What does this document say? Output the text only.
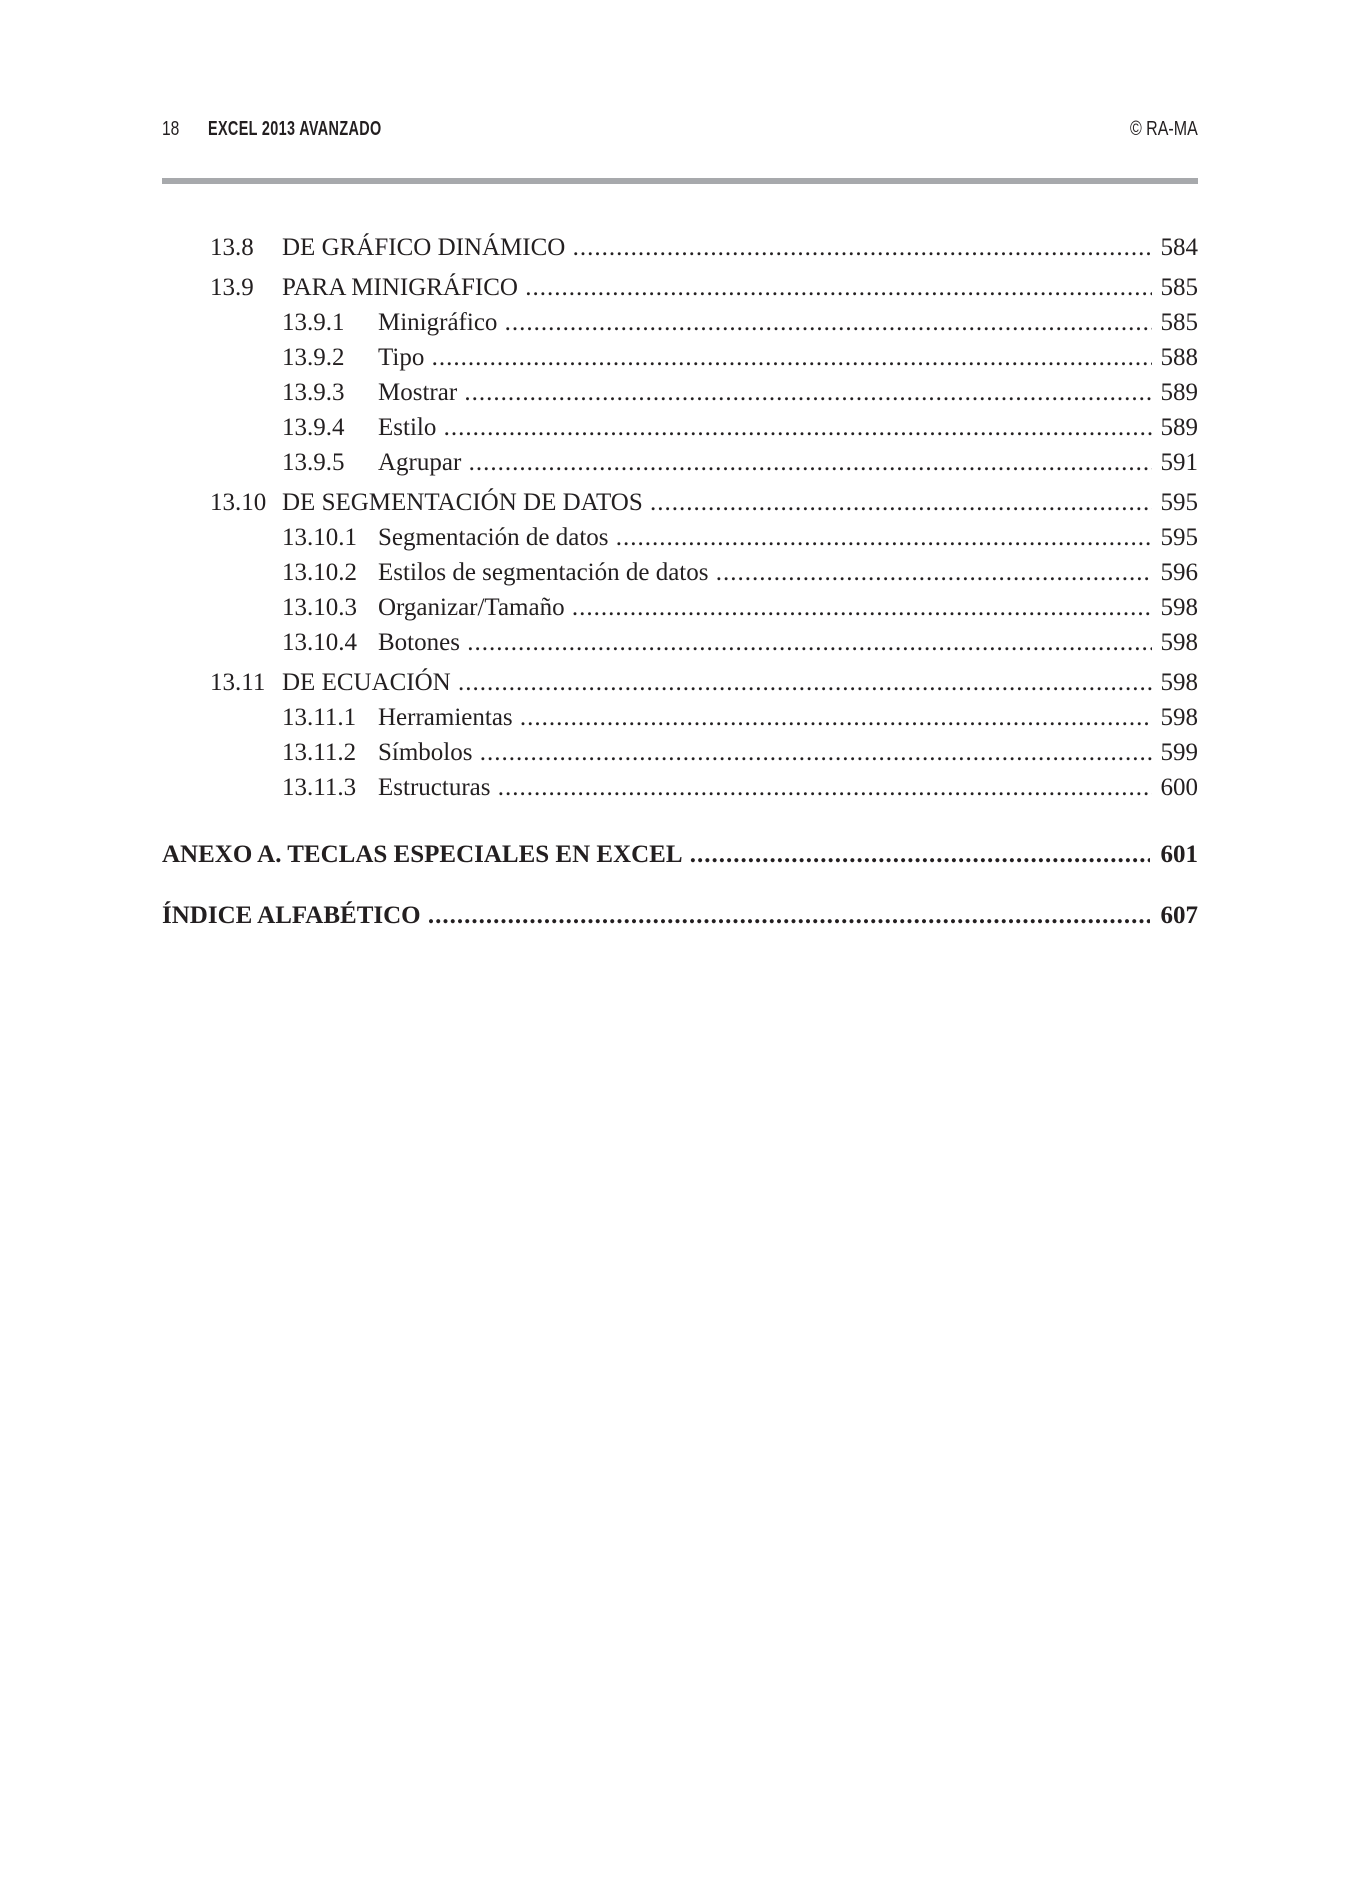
18 EXCEL 2013 AVANZADO	© RA-MA
13.8 DE GRÁFICO DINÁMICO .....	584
13.9 PARA MINIGRÁFICO .....	585
13.9.1 Minigráfico .....	585
13.9.2 Tipo .....	588
13.9.3 Mostrar .....	589
13.9.4 Estilo .....	589
13.9.5 Agrupar .....	591
13.10 DE SEGMENTACIÓN DE DATOS .....	595
13.10.1 Segmentación de datos .....	595
13.10.2 Estilos de segmentación de datos .....	596
13.10.3 Organizar/Tamaño .....	598
13.10.4 Botones .....	598
13.11 DE ECUACIÓN .....	598
13.11.1 Herramientas .....	598
13.11.2 Símbolos .....	599
13.11.3 Estructuras .....	600
ANEXO A. TECLAS ESPECIALES EN EXCEL .....	601
ÍNDICE ALFABÉTICO .....	607
